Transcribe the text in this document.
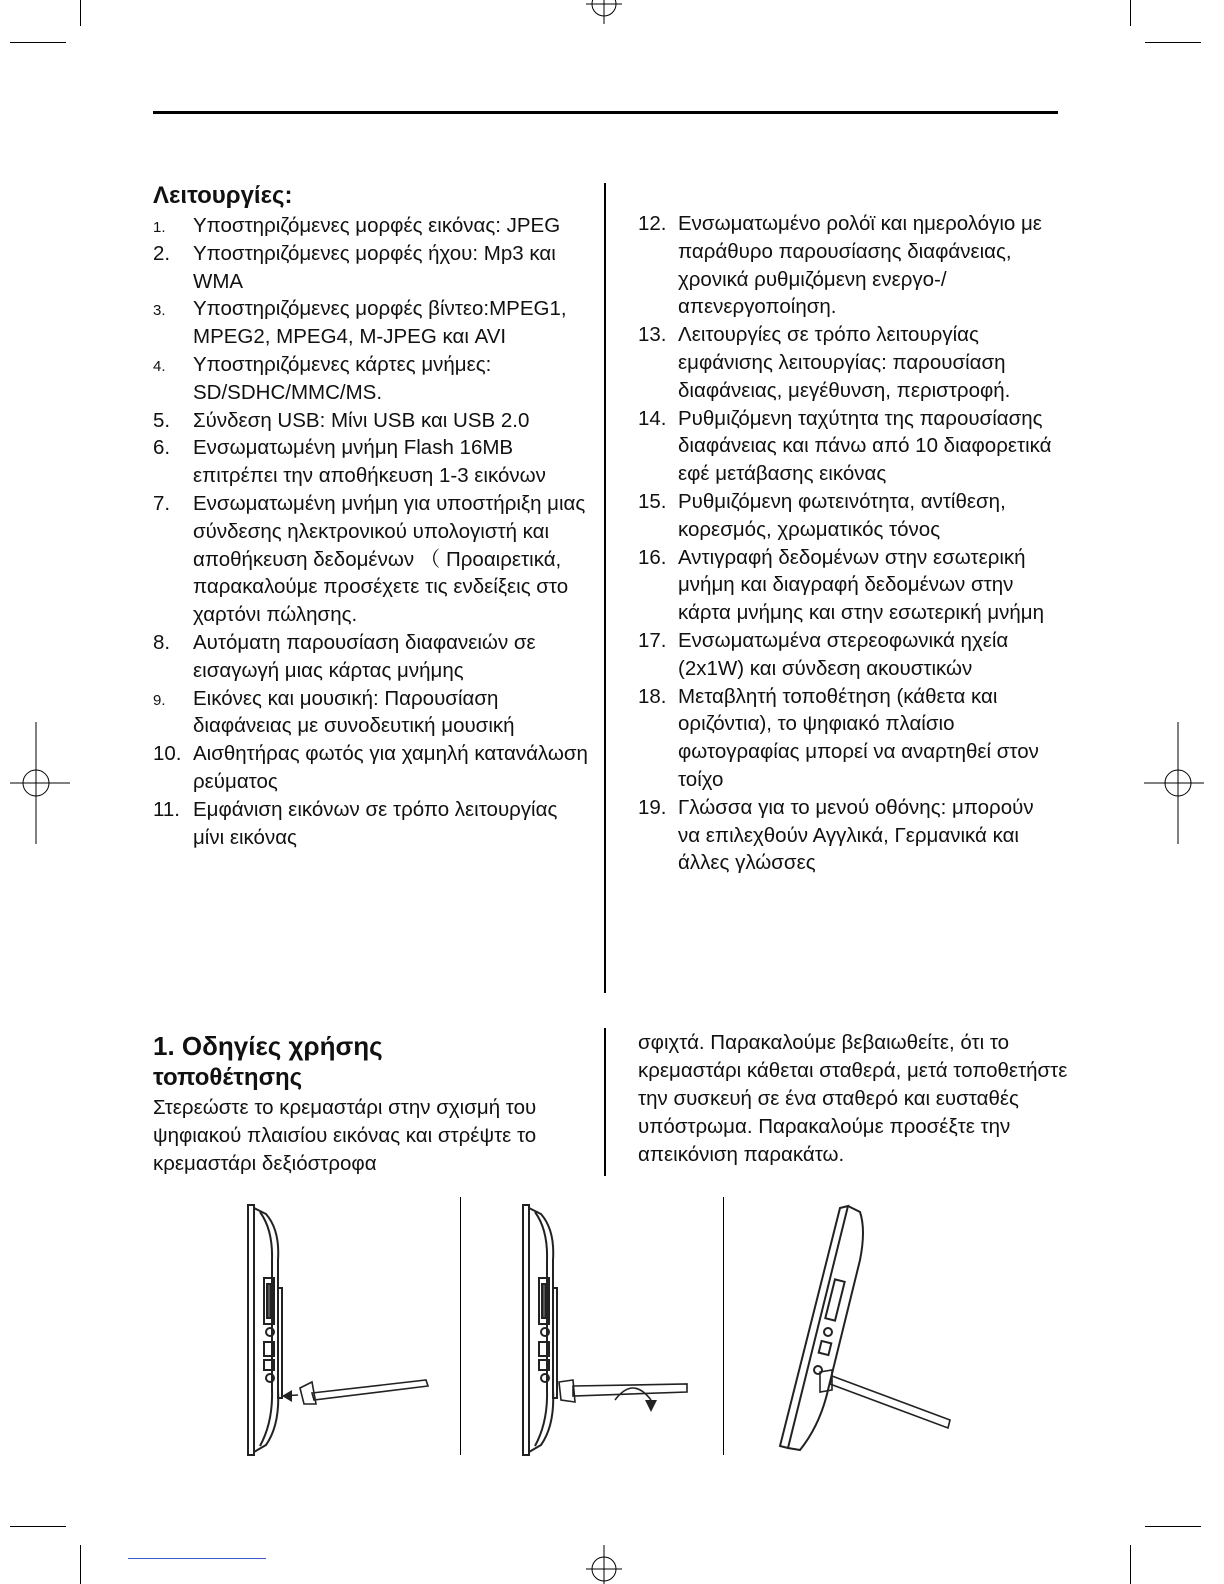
Λειτουργίες:
1. Υποστηριζόμενες μορφές εικόνας: JPEG
2. Υποστηριζόμενες μορφές ήχου: Mp3 και WMA
3. Υποστηριζόμενες μορφές βίντεο:MPEG1, MPEG2, MPEG4, M-JPEG και AVI
4. Υποστηριζόμενες κάρτες μνήμες: SD/SDHC/MMC/MS.
5. Σύνδεση USB: Μίνι USB και USB 2.0
6. Ενσωματωμένη μνήμη Flash 16MB επιτρέπει την αποθήκευση 1-3 εικόνων
7. Ενσωματωμένη μνήμη για υποστήριξη μιας σύνδεσης ηλεκτρονικού υπολογιστή και αποθήκευση δεδομένων （ Προαιρετικά, παρακαλούμε προσέχετε τις ενδείξεις στο χαρτόνι πώλησης.
8. Αυτόματη παρουσίαση διαφανειών σε εισαγωγή μιας κάρτας μνήμης
9. Εικόνες και μουσική: Παρουσίαση διαφάνειας με συνοδευτική μουσική
10. Αισθητήρας φωτός για χαμηλή κατανάλωση ρεύματος
11. Εμφάνιση εικόνων σε τρόπο λειτουργίας μίνι εικόνας
12. Ενσωματωμένο ρολόϊ και ημερολόγιο με παράθυρο παρουσίασης διαφάνειας, χρονικά ρυθμιζόμενη ενεργο-/απενεργοποίηση.
13. Λειτουργίες σε τρόπο λειτουργίας εμφάνισης λειτουργίας: παρουσίαση διαφάνειας, μεγέθυνση, περιστροφή.
14. Ρυθμιζόμενη ταχύτητα της παρουσίασης διαφάνειας και πάνω από 10 διαφορετικά εφέ μετάβασης εικόνας
15. Ρυθμιζόμενη φωτεινότητα, αντίθεση, κορεσμός, χρωματικός τόνος
16. Αντιγραφή δεδομένων στην εσωτερική μνήμη και διαγραφή δεδομένων στην κάρτα μνήμης και στην εσωτερική μνήμη
17. Ενσωματωμένα στερεοφωνικά ηχεία (2x1W) και σύνδεση ακουστικών
18. Μεταβλητή τοποθέτηση (κάθετα και οριζόντια), το ψηφιακό πλαίσιο φωτογραφίας μπορεί να αναρτηθεί στον τοίχο
19. Γλώσσα για το μενού οθόνης: μπορούν να επιλεχθούν Αγγλικά, Γερμανικά και άλλες γλώσσες
1. Οδηγίες χρήσης
τοποθέτησης

Στερεώστε το κρεμαστάρι στην σχισμή του ψηφιακού πλαισίου εικόνας και στρέψτε το κρεμαστάρι δεξιόστροφα

σφιχτά. Παρακαλούμε βεβαιωθείτε, ότι το κρεμαστάρι κάθεται σταθερά, μετά τοποθετήστε την συσκευή σε ένα σταθερό και ευσταθές υπόστρωμα. Παρακαλούμε προσέξτε την απεικόνιση παρακάτω.
